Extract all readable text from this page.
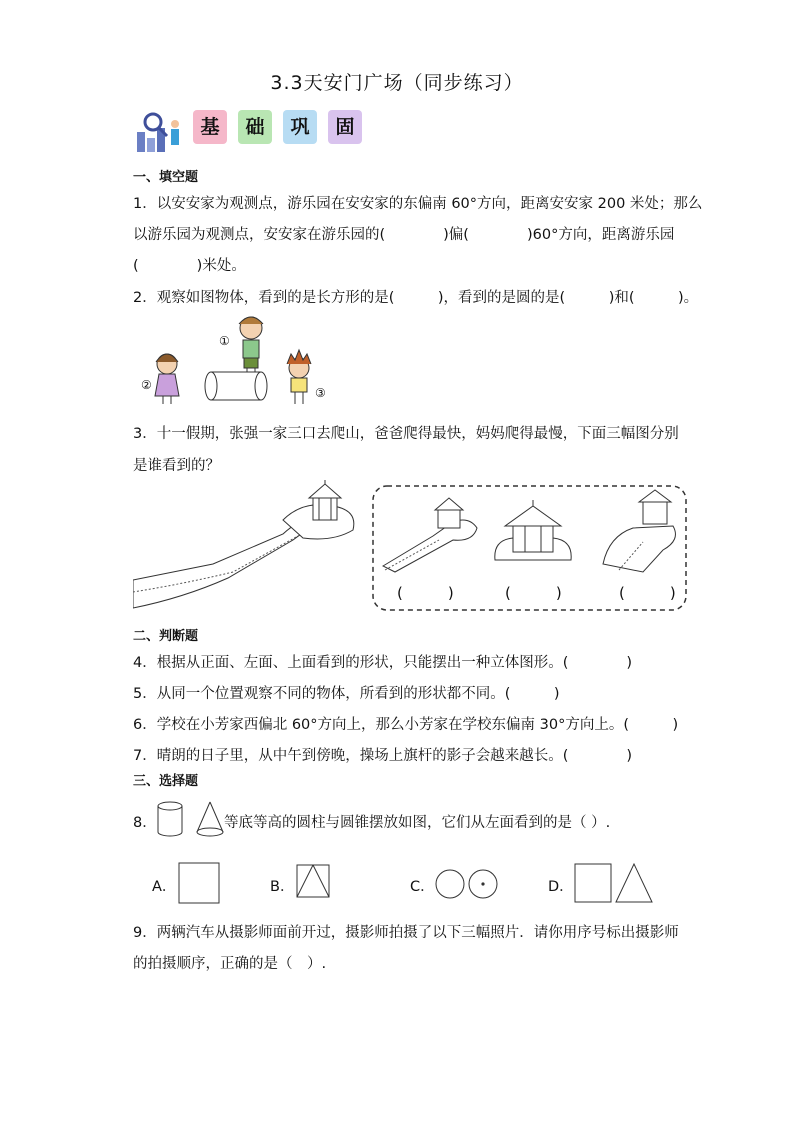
3.3天安门广场（同步练习）
基	础	巩	固
一、填空题
1．以安安家为观测点，游乐园在安安家的东偏南 60°方向，距离安安家 200 米处；那么
以游乐园为观测点，安安家在游乐园的(　　　　)偏(　　　　)60°方向，距离游乐园
(　　　　)米处。
2．观察如图物体，看到的是长方形的是(　　　)，看到的是圆的是(　　　)和(　　　)。
①
②
③
3．十一假期，张强一家三口去爬山，爸爸爬得最快，妈妈爬得最慢，下面三幅图分别
是谁看到的？
(　　　)	(　　　)	(　　　)
二、判断题
4．根据从正面、左面、上面看到的形状，只能摆出一种立体图形。(　　　　)
5．从同一个位置观察不同的物体，所看到的形状都不同。(　　　)
6．学校在小芳家西偏北 60°方向上，那么小芳家在学校东偏南 30°方向上。(　　　)
7．晴朗的日子里，从中午到傍晚，操场上旗杆的影子会越来越长。(　　　　)
三、选择题
8．	等底等高的圆柱与圆锥摆放如图，它们从左面看到的是（ ）.
A．	B．	C．	D．
9．两辆汽车从摄影师面前开过，摄影师拍摄了以下三幅照片．请你用序号标出摄影师
的拍摄顺序，正确的是（　）.
